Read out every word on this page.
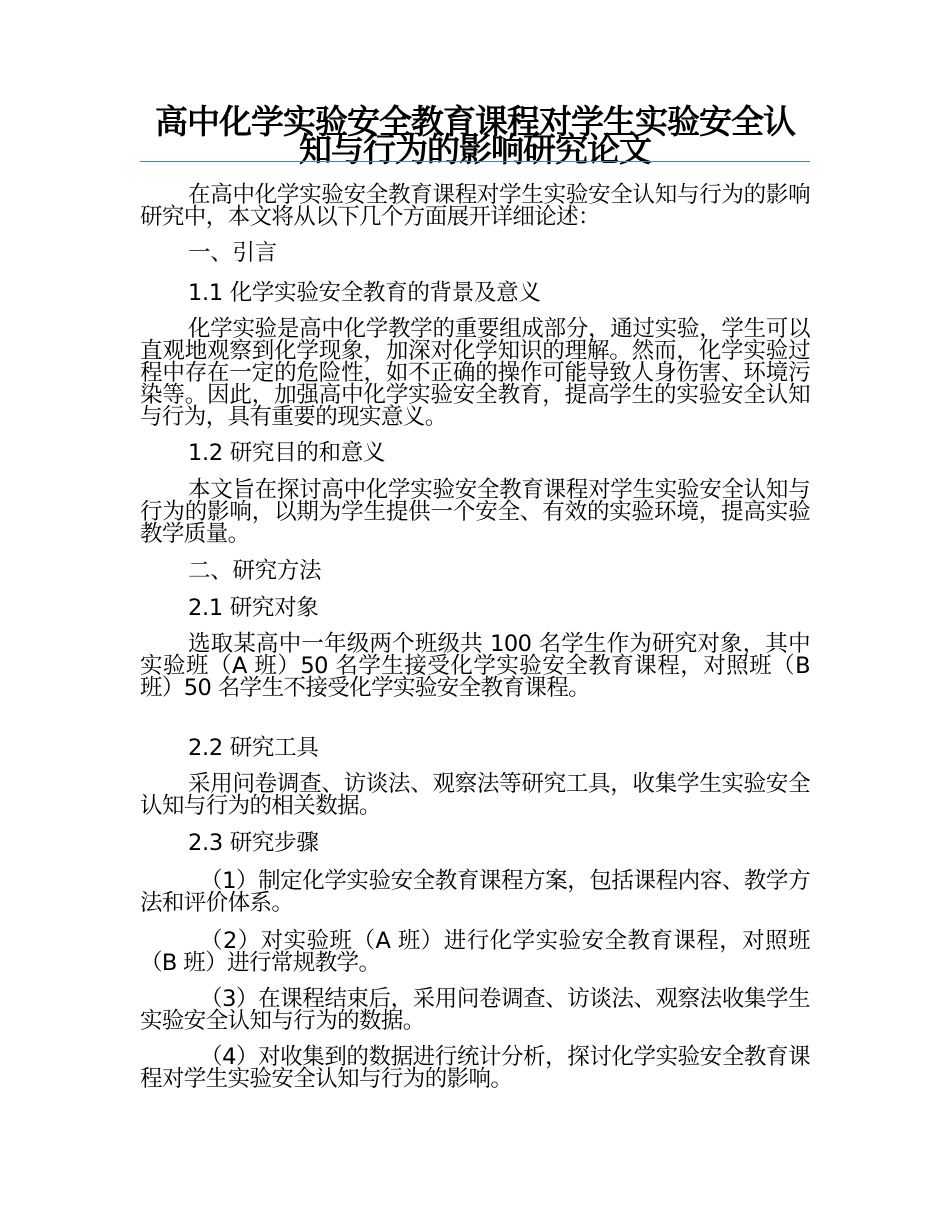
高中化学实验安全教育课程对学生实验安全认知与行为的影响研究论文

在高中化学实验安全教育课程对学生实验安全认知与行为的影响研究中，本文将从以下几个方面展开详细论述：

一、引言

1.1 化学实验安全教育的背景及意义

化学实验是高中化学教学的重要组成部分，通过实验，学生可以直观地观察到化学现象，加深对化学知识的理解。然而，化学实验过程中存在一定的危险性，如不正确的操作可能导致人身伤害、环境污染等。因此，加强高中化学实验安全教育，提高学生的实验安全认知与行为，具有重要的现实意义。

1.2 研究目的和意义

本文旨在探讨高中化学实验安全教育课程对学生实验安全认知与行为的影响，以期为学生提供一个安全、有效的实验环境，提高实验教学质量。

二、研究方法

2.1 研究对象

选取某高中一年级两个班级共 100 名学生作为研究对象，其中实验班（A 班）50 名学生接受化学实验安全教育课程，对照班（B 班）50 名学生不接受化学实验安全教育课程。

2.2 研究工具

采用问卷调查、访谈法、观察法等研究工具，收集学生实验安全认知与行为的相关数据。

2.3 研究步骤

（1）制定化学实验安全教育课程方案，包括课程内容、教学方法和评价体系。

（2）对实验班（A 班）进行化学实验安全教育课程，对照班（B 班）进行常规教学。

（3）在课程结束后，采用问卷调查、访谈法、观察法收集学生实验安全认知与行为的数据。

（4）对收集到的数据进行统计分析，探讨化学实验安全教育课程对学生实验安全认知与行为的影响。
